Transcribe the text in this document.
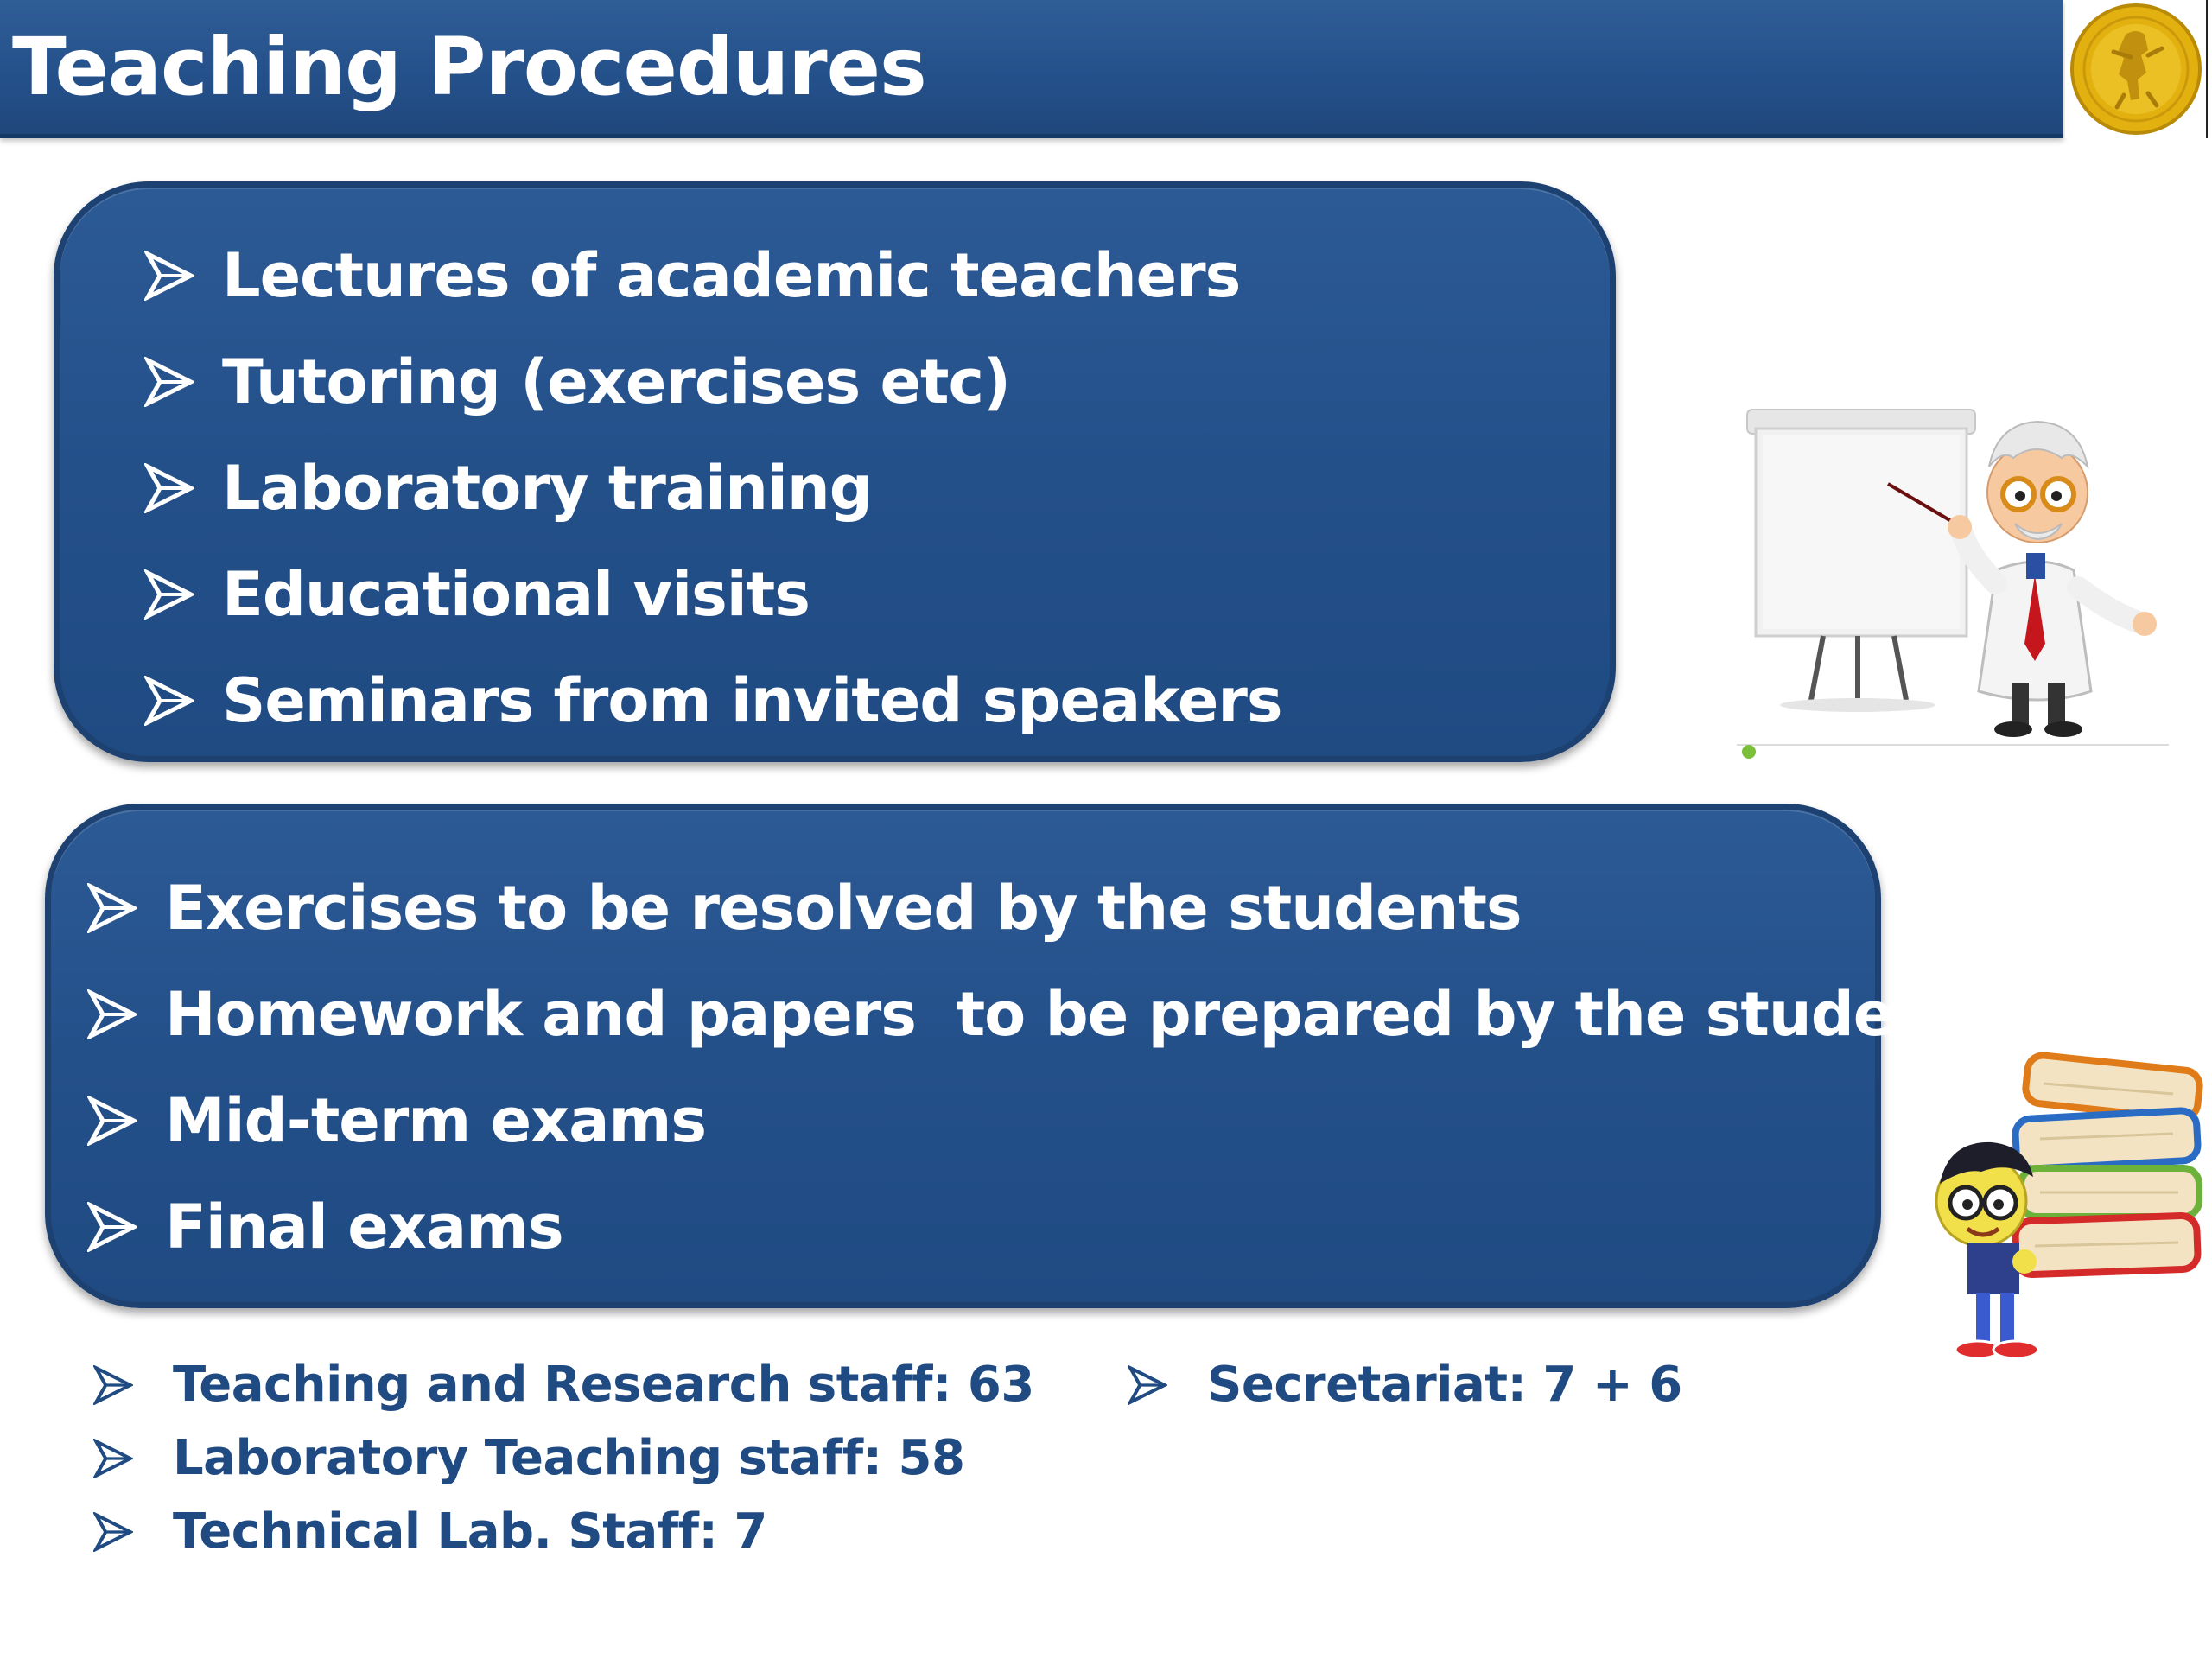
Teaching Procedures
Lectures of academic teachers
Tutoring (exercises etc)
Laboratory training
Educational visits
Seminars from invited speakers
Exercises to be resolved by the students
Homework and papers  to be prepared by the students
Mid-term exams
Final exams
Teaching and Research staff: 63
Laboratory Teaching staff: 58
Technical Lab. Staff: 7
Secretariat: 7 + 6
